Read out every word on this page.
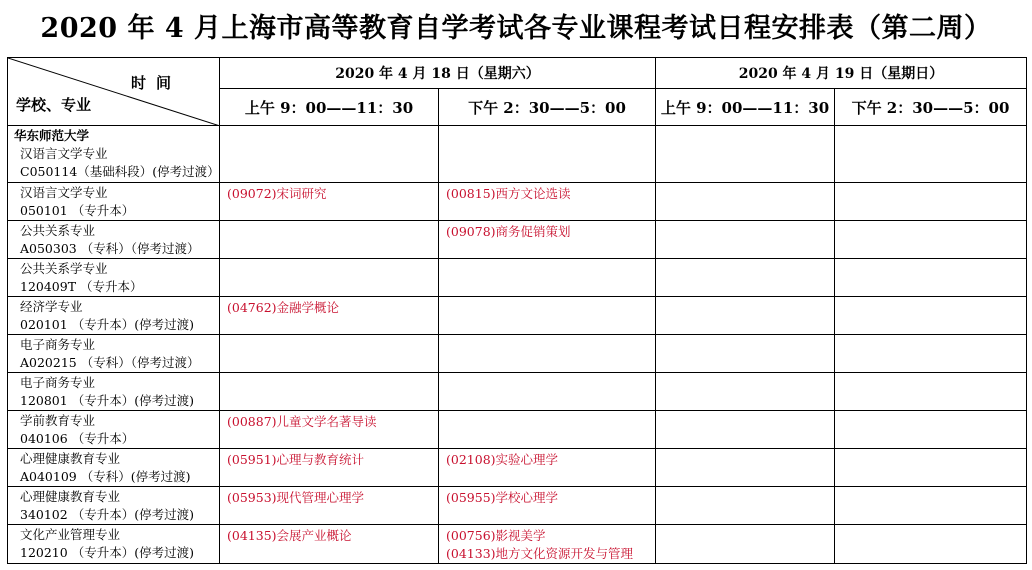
2020 年 4 月上海市高等教育自学考试各专业课程考试日程安排表（第二周）
时间
学校、专业	2020 年 4 月 18 日（星期六）		2020 年 4 月 19 日（星期日）	
	上午 9：00——11：30	下午 2：30——5：00	上午 9：00——11：30	下午 2：30——5：00

华东师范大学
汉语言文学专业
C050114（基础科段）(停考过渡）				

汉语言文学专业
050101 （专升本）	(09072)宋词研究	(00815)西方文论选读		

公共关系专业
A050303 （专科）（停考过渡）		(09078)商务促销策划		

公共关系学专业
120409T （专升本）				

经济学专业
020101 （专升本）(停考过渡)	(04762)金融学概论			

电子商务专业
A020215 （专科）（停考过渡）				

电子商务专业
120801 （专升本）(停考过渡)				

学前教育专业
040106 （专升本）	(00887)儿童文学名著导读			

心理健康教育专业
A040109 （专科）(停考过渡)	(05951)心理与教育统计	(02108)实验心理学		

心理健康教育专业
340102 （专升本）(停考过渡)	(05953)现代管理心理学	(05955)学校心理学		

文化产业管理专业
120210 （专升本）(停考过渡)	(04135)会展产业概论	(00756)影视美学
(04133)地方文化资源开发与管理		
